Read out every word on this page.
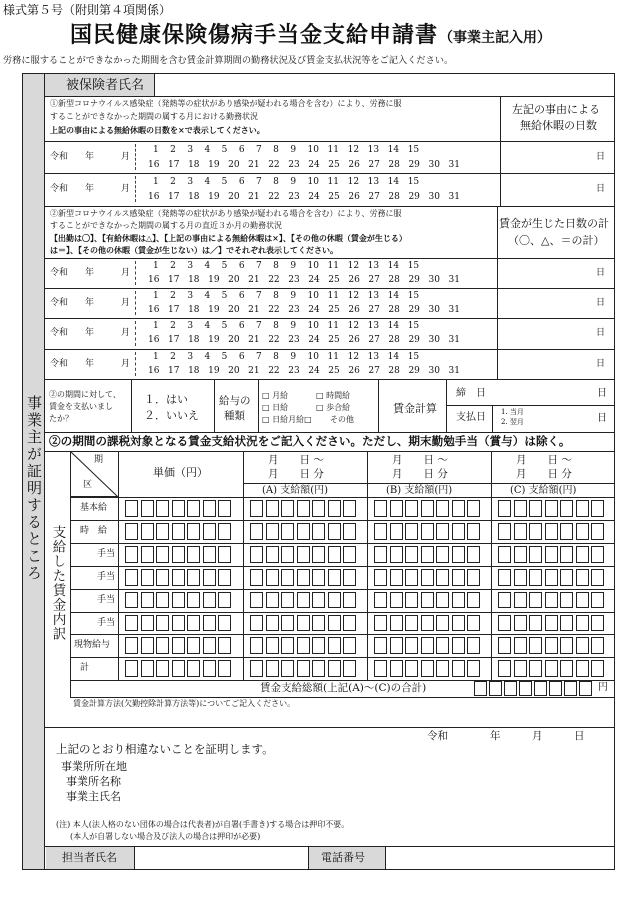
様式第５号（附則第４項関係）
国民健康保険傷病手当金支給申請書 （事業主記入用）
労務に服することができなかった期間を含む賃金計算期間の勤務状況及び賃金支払状況等をご記入ください。
事業主が証明するところ
被保険者氏名
①新型コロナウイルス感染症（発熱等の症状があり感染が疑われる場合を含む）により、労務に服
することができなかった期間の属する月における勤務状況
上記の事由による無給休暇の日数を×で表示してください。
左記の事由による
無給休暇の日数
令和 年	月
1    2    3    4    5    6    7    8    9    10   11   12   13   14   15
16   17   18   19   20   21   22   23   24   25   26   27   28   29   30   31
日
令和 年	月
1    2    3    4    5    6    7    8    9    10   11   12   13   14   15
16   17   18   19   20   21   22   23   24   25   26   27   28   29   30   31
日
②新型コロナウイルス感染症（発熱等の症状があり感染が疑われる場合を含む）により、労務に服
することができなかった期間の属する月の直近３か月の勤務状況
【出勤は〇】、【有給休暇は△】、【上記の事由による無給休暇は×】、【その他の休暇（賃金が生じる）
は＝】、【その他の休暇（賃金が生じない）は／】でそれぞれ表示してください。
賃金が生じた日数の計
（〇、△、＝の計）
令和 年	月
1    2    3    4    5    6    7    8    9    10   11   12   13   14   15
16   17   18   19   20   21   22   23   24   25   26   27   28   29   30   31
日
令和 年	月
1    2    3    4    5    6    7    8    9    10   11   12   13   14   15
16   17   18   19   20   21   22   23   24   25   26   27   28   29   30   31
日
令和 年	月
1    2    3    4    5    6    7    8    9    10   11   12   13   14   15
16   17   18   19   20   21   22   23   24   25   26   27   28   29   30   31
日
令和 年	月
1    2    3    4    5    6    7    8    9    10   11   12   13   14   15
16   17   18   19   20   21   22   23   24   25   26   27   28   29   30   31
日
②の期間に対して、
賃金を支払いまし
たか？
１．はい
２．いいえ
給与の
種類
□ 月給	□ 時間給
□ 日給	□ 歩合給
□ 日給月給□ その他
賃金計算
締　日	日
支払日 1. 当月
2. 翌月	日
②の期間の課税対象となる賃金支給状況をご記入ください。ただし、期末勤勉手当（賞与）は除く。
期
区
単価（円）
月　　日 ～
月　　日 分
月　　日 ～
月　　日 分
月　　日 ～
月　　日 分
(A) 支給額(円)	(B) 支給額(円)	(C) 支給額(円)
支給した賃金内訳
基本給
時　給
手当
手当
手当
手当
現物給与
計
賃金支給総額(上記(A)～(C)の合計)	円
賃金計算方法(欠勤控除計算方法等)についてご記入ください。
令和　　　　年　　　月　　　日
上記のとおり相違ないことを証明します。
事業所所在地
事業所名称
事業主氏名
(注) 本人(法人格のない団体の場合は代表者)が自署(手書き)する場合は押印不要。
(本人が自署しない場合及び法人の場合は押印が必要)
担当者氏名	電話番号
